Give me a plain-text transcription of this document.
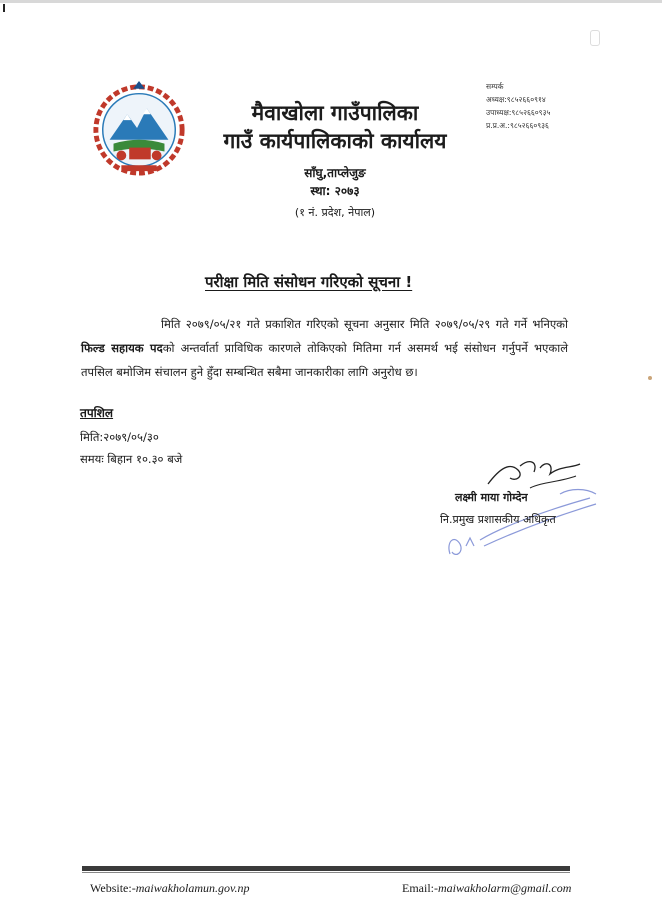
मैवाखोला गाउँपालिका
गाउँ कार्यपालिकाको कार्यालय
साँघु,ताप्लेजुङ
स्था: २०७३
(१ नं. प्रदेश, नेपाल)
सम्पर्क
अध्यक्ष:९८५२६६०९१४
उपाध्यक्ष:९८५२६६०९३५
प्र.प्र.अ.:९८५२६६०९३६
परीक्षा मिति संसोधन गरिएको सूचना !
मिति २०७९/०५/२१ गते प्रकाशित गरिएको सूचना अनुसार मिति २०७९/०५/२९ गते गर्ने भनिएको फिल्ड सहायक पदको अन्तर्वार्ता प्राविधिक कारणले तोकिएको मितिमा गर्न असमर्थ भई संसोधन गर्नुपर्ने भएकाले तपसिल बमोजिम संचालन हुने हुँदा सम्बन्धित सबैमा जानकारीका लागि अनुरोध छ।
तपशिल
मिति:२०७९/०५/३०
समयः बिहान १०.३० बजे
लक्ष्मी माया गोम्देन
नि.प्रमुख प्रशासकीय अधिकृत
Website:-maiwakholamun.gov.np	Email:-maiwakholarm@gmail.com
